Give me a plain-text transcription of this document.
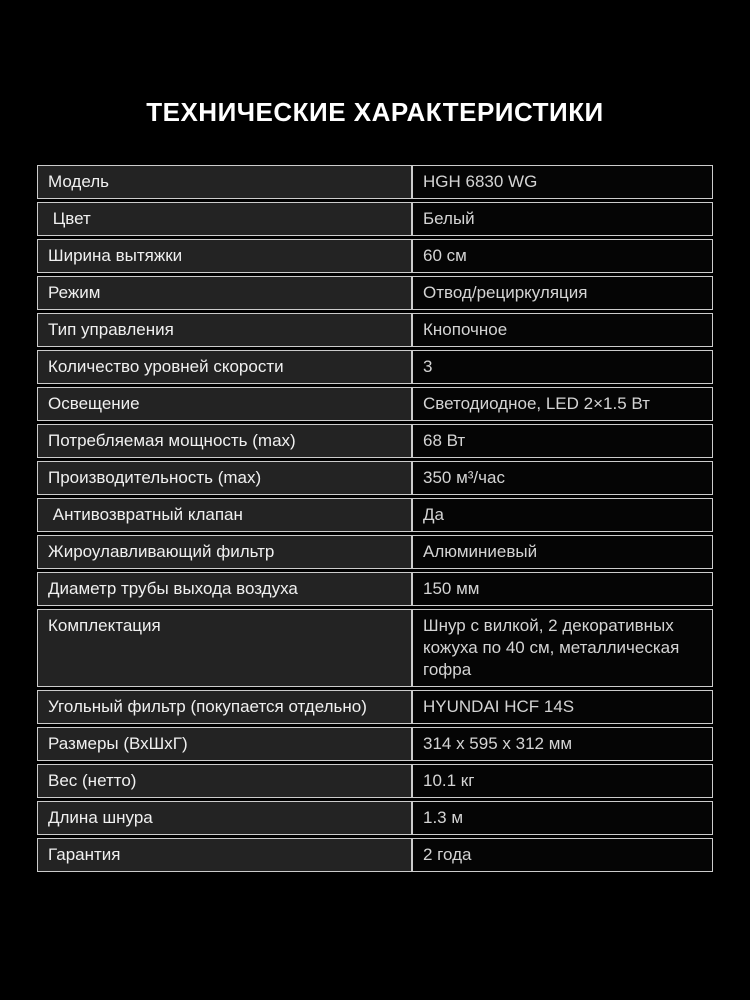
ТЕХНИЧЕСКИЕ ХАРАКТЕРИСТИКИ
Модель	HGH 6830 WG
Цвет	Белый
Ширина вытяжки	60 см
Режим	Отвод/рециркуляция
Тип управления	Кнопочное
Количество уровней скорости	3
Освещение	Светодиодное, LED 2×1.5 Вт
Потребляемая мощность (max)	68 Вт
Производительность (max)	350 м³/час
Антивозвратный клапан	Да
Жироулавливающий фильтр	Алюминиевый
Диаметр трубы выхода воздуха	150 мм
Комплектация	Шнур с вилкой, 2 декоративных кожуха по 40 см, металлическая гофра
Угольный фильтр (покупается отдельно)	HYUNDAI HCF 14S
Размеры (ВхШхГ)	314 х 595 х 312 мм
Вес (нетто)	10.1 кг
Длина шнура	1.3 м
Гарантия	2 года
